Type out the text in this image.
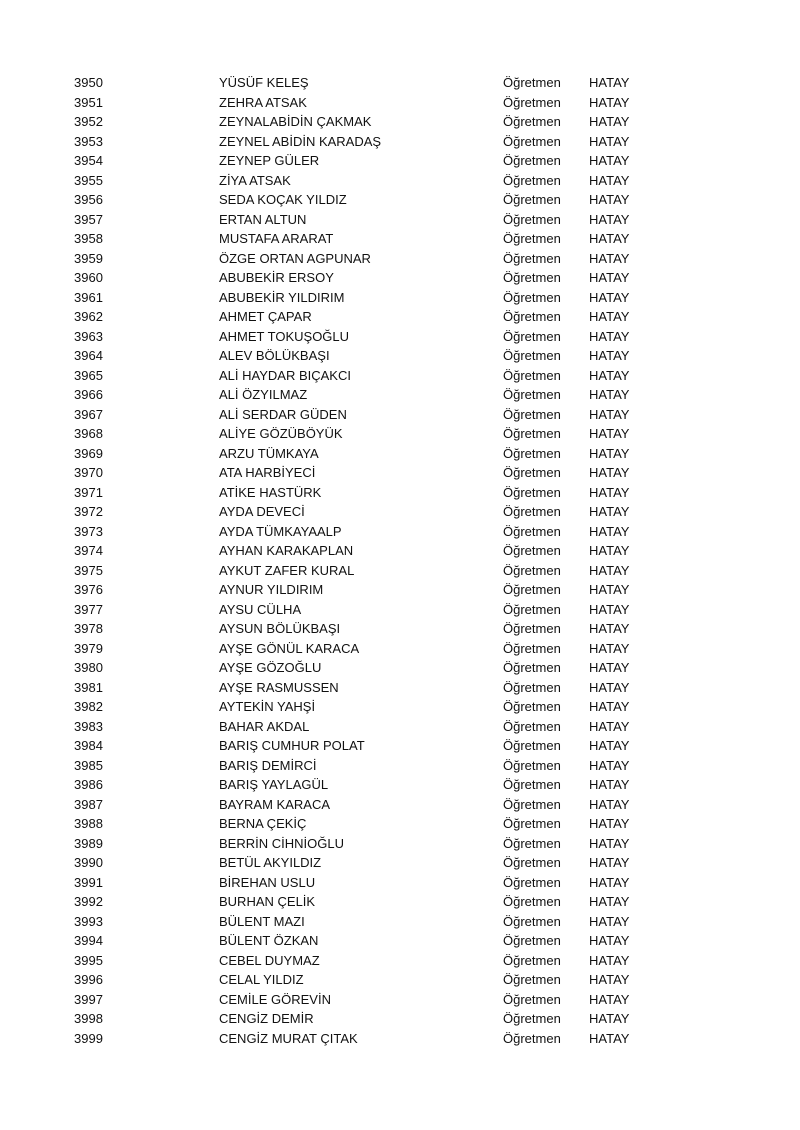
3950	YÜSÜF KELEŞ	Öğretmen HATAY
3951	ZEHRA ATSAK	Öğretmen HATAY
3952	ZEYNALABİDİN ÇAKMAK	Öğretmen HATAY
3953	ZEYNEL ABİDİN KARADAŞ	Öğretmen HATAY
3954	ZEYNEP GÜLER	Öğretmen HATAY
3955	ZİYA ATSAK	Öğretmen HATAY
3956	SEDA KOÇAK YILDIZ	Öğretmen HATAY
3957	ERTAN ALTUN	Öğretmen HATAY
3958	MUSTAFA ARARAT	Öğretmen HATAY
3959	ÖZGE ORTAN AGPUNAR	Öğretmen HATAY
3960	ABUBEKİR ERSOY	Öğretmen HATAY
3961	ABUBEKİR YILDIRIM	Öğretmen HATAY
3962	AHMET ÇAPAR	Öğretmen HATAY
3963	AHMET TOKUŞOĞLU	Öğretmen HATAY
3964	ALEV BÖLÜKBAŞI	Öğretmen HATAY
3965	ALİ HAYDAR BIÇAKCI	Öğretmen HATAY
3966	ALİ ÖZYILMAZ	Öğretmen HATAY
3967	ALİ SERDAR GÜDEN	Öğretmen HATAY
3968	ALİYE GÖZÜBÖYÜK	Öğretmen HATAY
3969	ARZU TÜMKAYA	Öğretmen HATAY
3970	ATA HARBİYECİ	Öğretmen HATAY
3971	ATİKE HASTÜRK	Öğretmen HATAY
3972	AYDA DEVECİ	Öğretmen HATAY
3973	AYDA TÜMKAYAALP	Öğretmen HATAY
3974	AYHAN KARAKAPLAN	Öğretmen HATAY
3975	AYKUT ZAFER KURAL	Öğretmen HATAY
3976	AYNUR YILDIRIM	Öğretmen HATAY
3977	AYSU CÜLHA	Öğretmen HATAY
3978	AYSUN BÖLÜKBAŞI	Öğretmen HATAY
3979	AYŞE GÖNÜL KARACA	Öğretmen HATAY
3980	AYŞE GÖZOĞLU	Öğretmen HATAY
3981	AYŞE RASMUSSEN	Öğretmen HATAY
3982	AYTEKİN YAHŞİ	Öğretmen HATAY
3983	BAHAR AKDAL	Öğretmen HATAY
3984	BARIŞ CUMHUR POLAT	Öğretmen HATAY
3985	BARIŞ DEMİRCİ	Öğretmen HATAY
3986	BARIŞ YAYLAGÜL	Öğretmen HATAY
3987	BAYRAM KARACA	Öğretmen HATAY
3988	BERNA ÇEKİÇ	Öğretmen HATAY
3989	BERRİN CİHNİOĞLU	Öğretmen HATAY
3990	BETÜL AKYILDIZ	Öğretmen HATAY
3991	BİREHAN USLU	Öğretmen HATAY
3992	BURHAN ÇELİK	Öğretmen HATAY
3993	BÜLENT MAZI	Öğretmen HATAY
3994	BÜLENT ÖZKAN	Öğretmen HATAY
3995	CEBEL DUYMAZ	Öğretmen HATAY
3996	CELAL YILDIZ	Öğretmen HATAY
3997	CEMİLE GÖREVİN	Öğretmen HATAY
3998	CENGİZ DEMİR	Öğretmen HATAY
3999	CENGİZ MURAT ÇITAK	Öğretmen HATAY
